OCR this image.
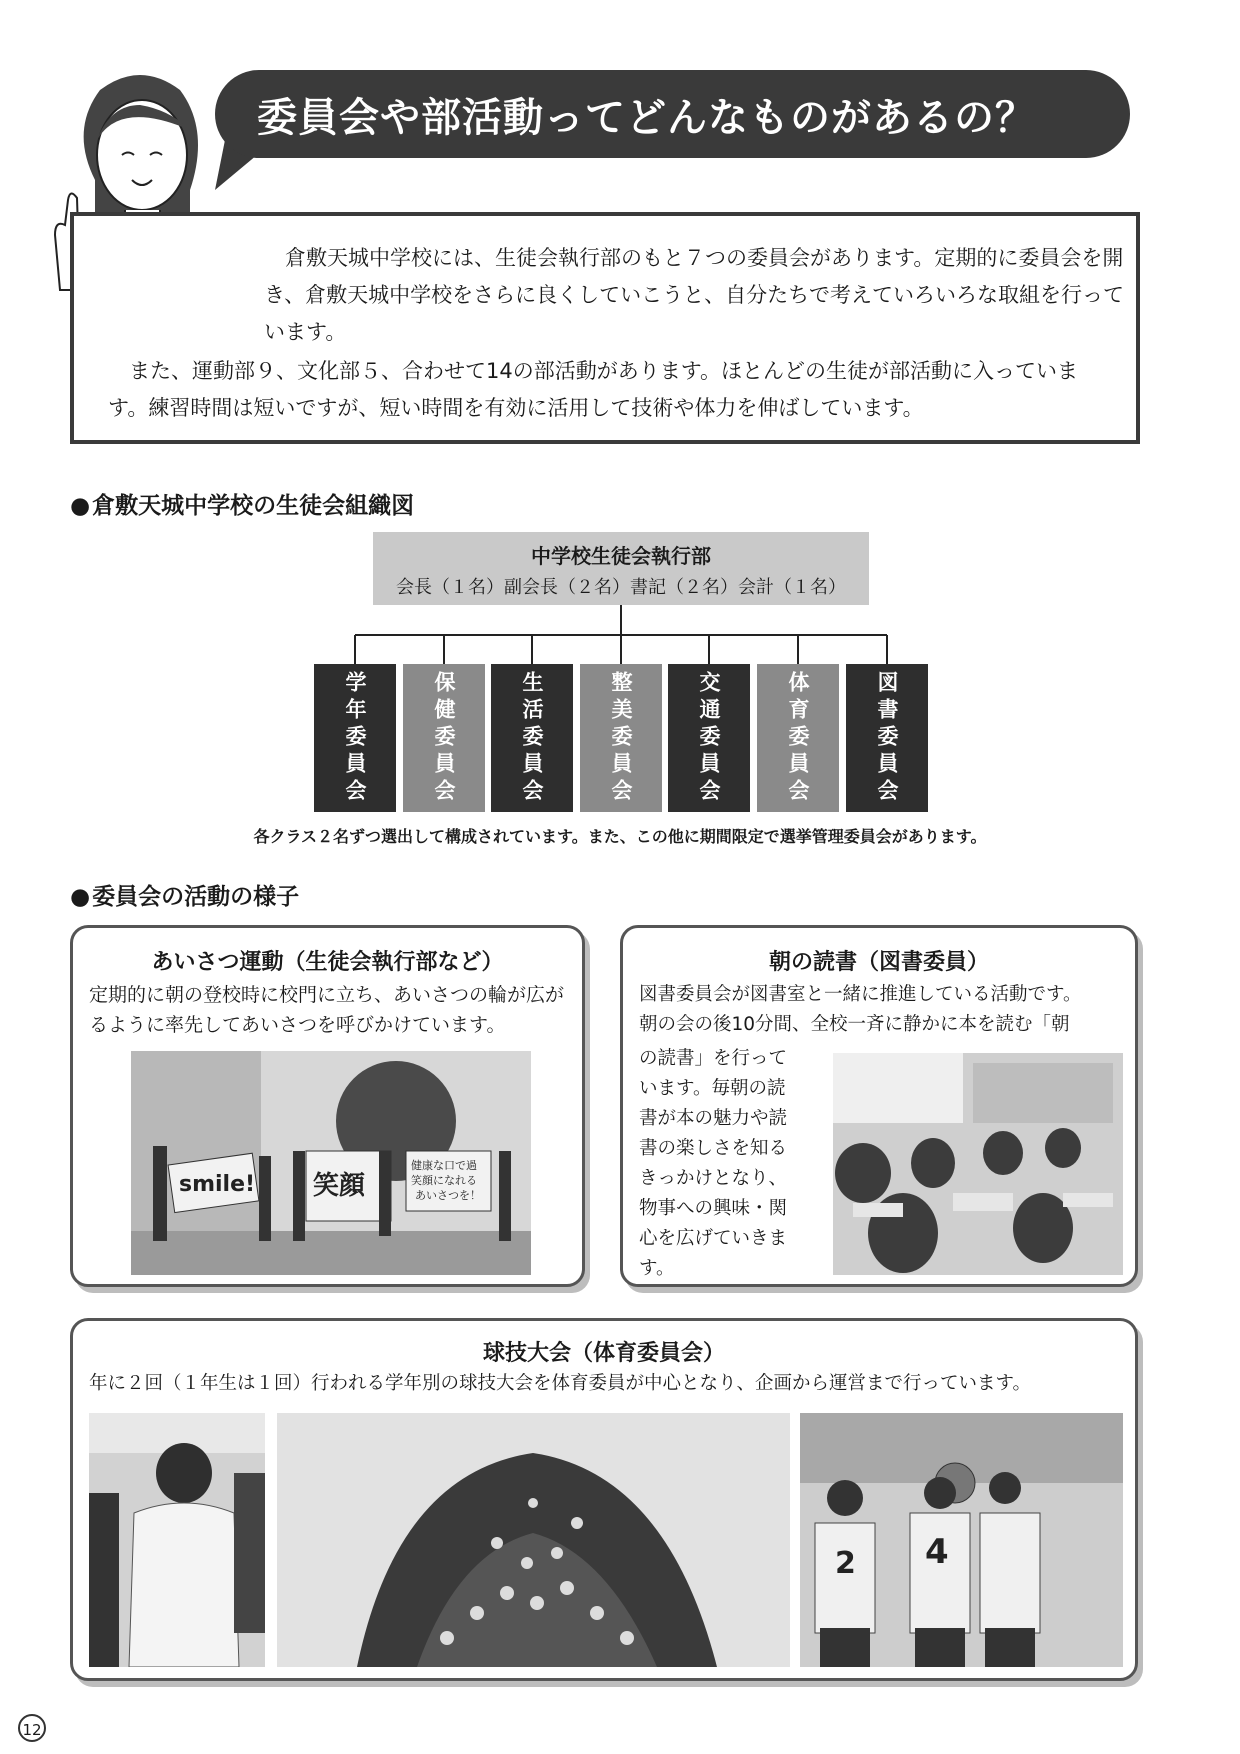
委員会や部活動ってどんなものがあるの？

倉敷天城中学校には、生徒会執行部のもと７つの委員会があります。定期的に委員会を開き、倉敷天城中学校をさらに良くしていこうと、自分たちで考えていろいろな取組を行っています。

また、運動部９、文化部５、合わせて14の部活動があります。ほとんどの生徒が部活動に入っています。練習時間は短いですが、短い時間を有効に活用して技術や体力を伸ばしています。

●倉敷天城中学校の生徒会組織図
中学校生徒会執行部
会長（１名）副会長（２名）書記（２名）会計（１名）
学年委員会	保健委員会	生活委員会	整美委員会	交通委員会	体育委員会	図書委員会
各クラス２名ずつ選出して構成されています。また、この他に期間限定で選挙管理委員会があります。
●委員会の活動の様子
あいさつ運動（生徒会執行部など）
定期的に朝の登校時に校門に立ち、あいさつの輪が広がるように率先してあいさつを呼びかけています。
smile! 笑顔
健康な口で過
笑顔になれる
あいさつを！
朝の読書（図書委員）
図書委員会が図書室と一緒に推進している活動です。
朝の会の後10分間、全校一斉に静かに本を読む「朝
の読書」を行って
います。毎朝の読
書が本の魅力や読
書の楽しさを知る
きっかけとなり、
物事への興味・関
心を広げていきま
す。
球技大会（体育委員会）
年に２回（１年生は１回）行われる学年別の球技大会を体育委員が中心となり、企画から運営まで行っています。
2 4
12
